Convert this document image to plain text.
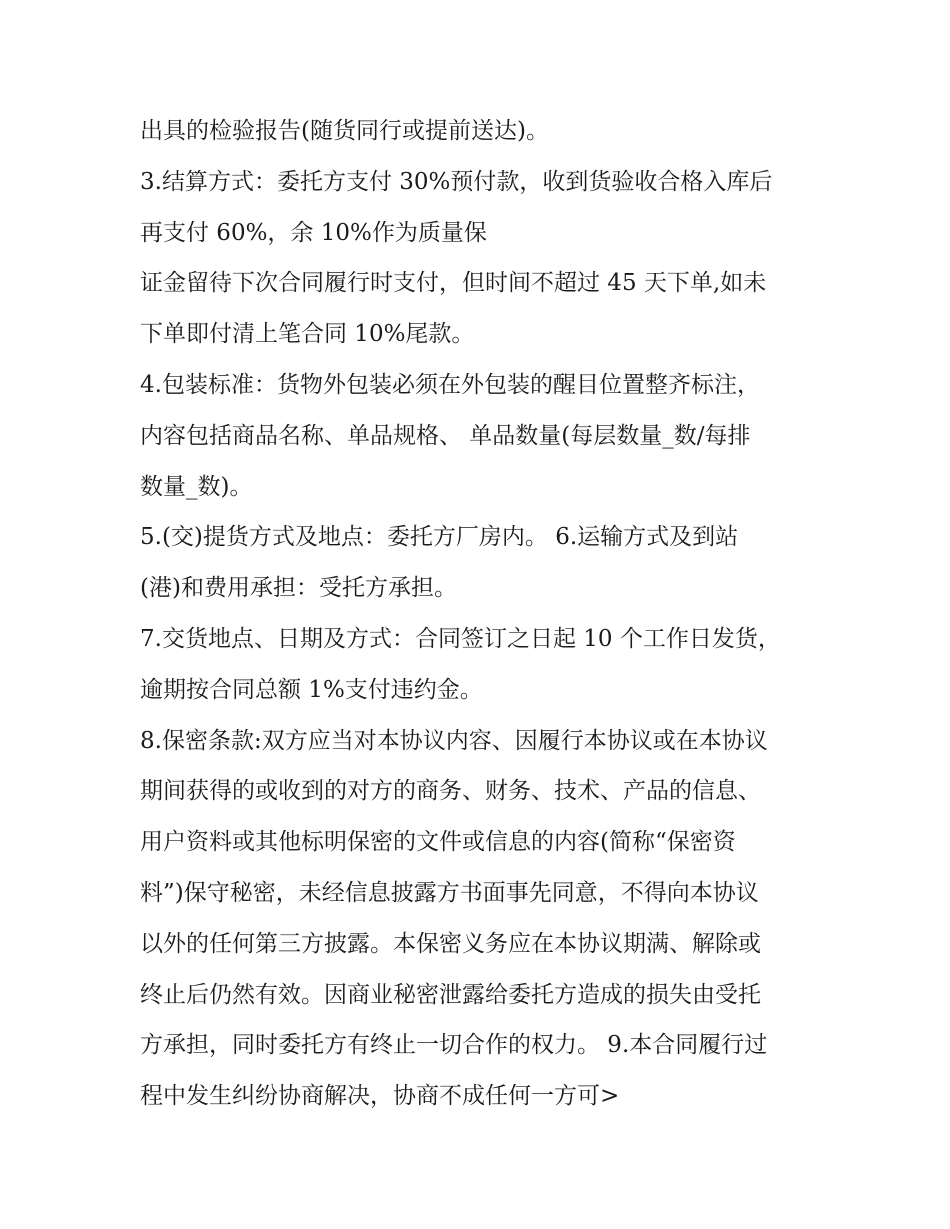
出具的检验报告(随货同行或提前送达)。
3.结算方式：委托方支付 30%预付款，收到货验收合格入库后
再支付 60%，余 10%作为质量保
证金留待下次合同履行时支付，但时间不超过 45 天下单,如未
下单即付清上笔合同 10%尾款。
4.包装标准：货物外包装必须在外包装的醒目位置整齐标注，
内容包括商品名称、单品规格、 单品数量(每层数量_数/每排
数量_数)。
5.(交)提货方式及地点：委托方厂房内。 6.运输方式及到站
(港)和费用承担：受托方承担。
7.交货地点、日期及方式：合同签订之日起 10 个工作日发货，
逾期按合同总额 1%支付违约金。
8.保密条款:双方应当对本协议内容、因履行本协议或在本协议
期间获得的或收到的对方的商务、财务、技术、产品的信息、
用户资料或其他标明保密的文件或信息的内容(简称“保密资
料”)保守秘密，未经信息披露方书面事先同意，不得向本协议
以外的任何第三方披露。本保密义务应在本协议期满、解除或
终止后仍然有效。因商业秘密泄露给委托方造成的损失由受托
方承担，同时委托方有终止一切合作的权力。 9.本合同履行过
程中发生纠纷协商解决，协商不成任何一方可>
